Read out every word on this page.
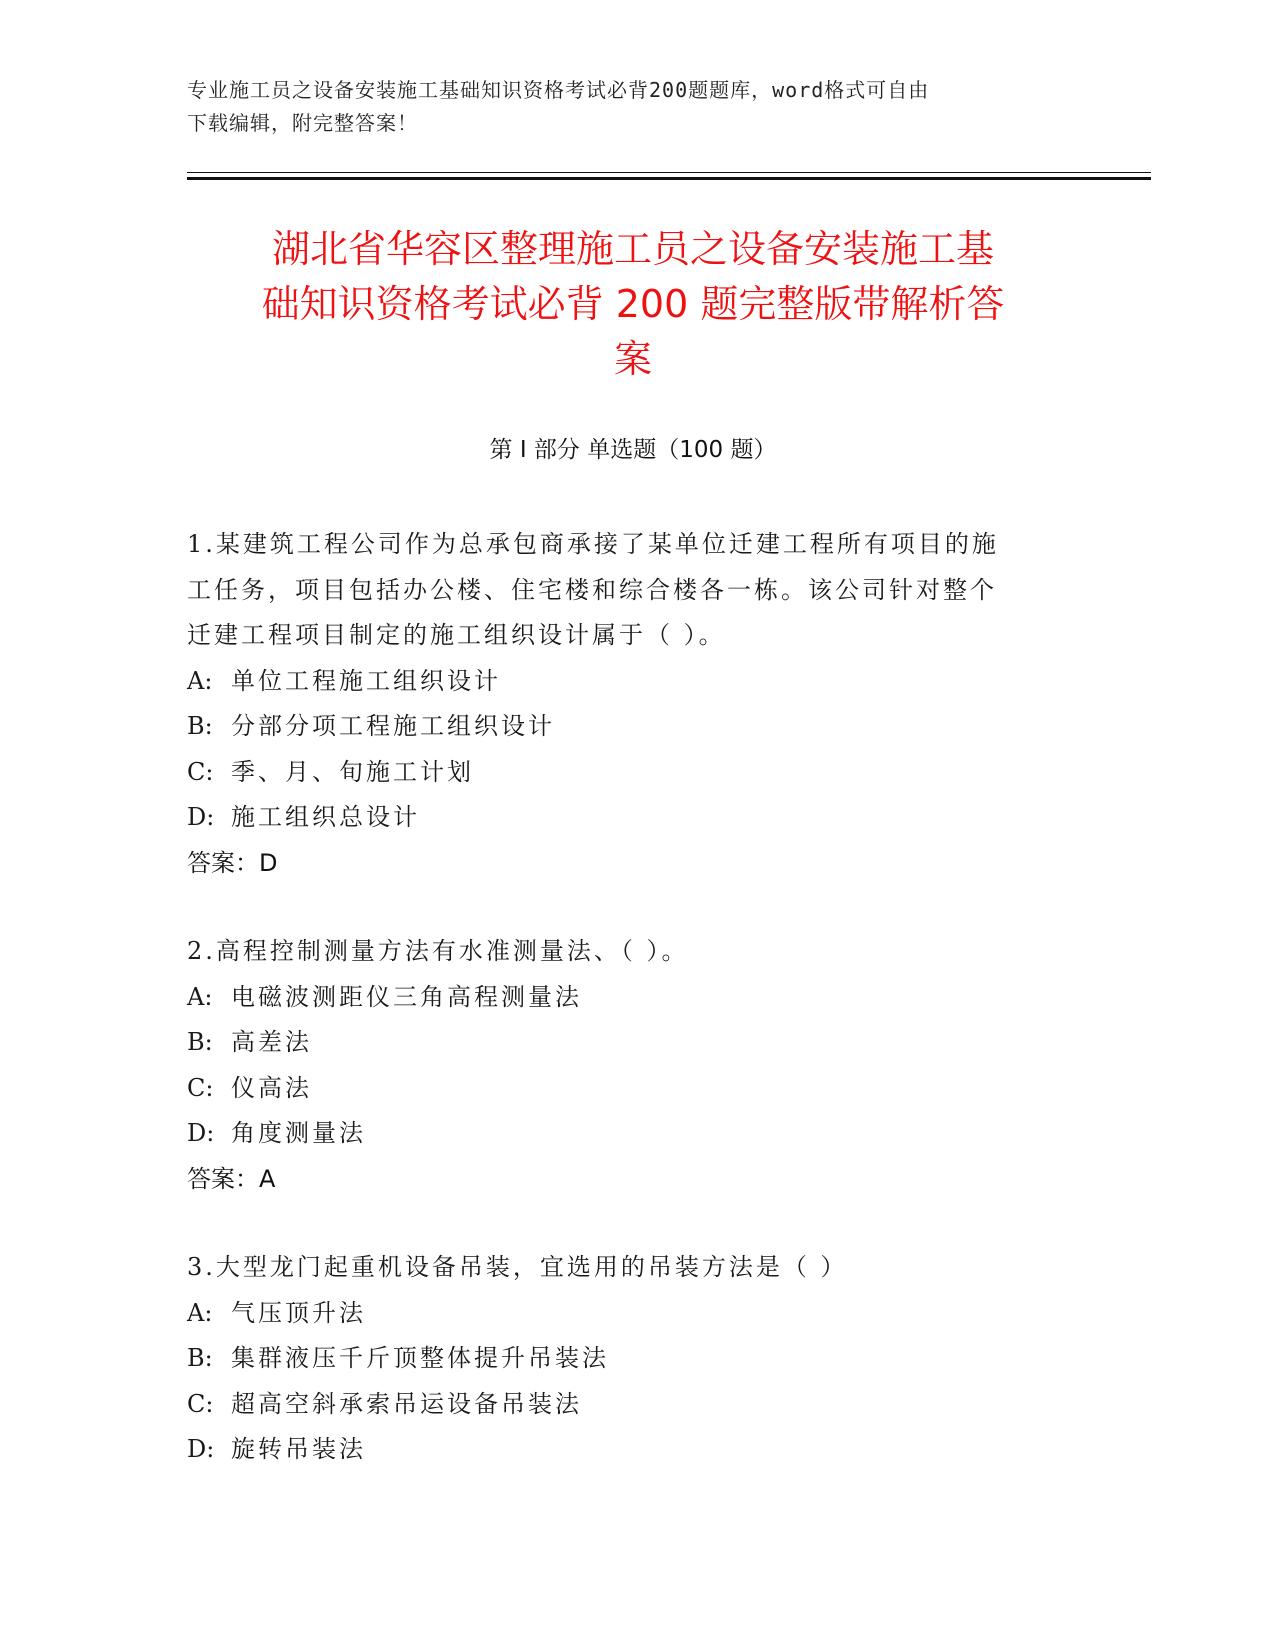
专业施工员之设备安装施工基础知识资格考试必背200题题库，word格式可自由
下载编辑，附完整答案！
湖北省华容区整理施工员之设备安装施工基
础知识资格考试必背 200 题完整版带解析答
案
第 I 部分 单选题（100 题）

1.某建筑工程公司作为总承包商承接了某单位迁建工程所有项目的施

工任务，项目包括办公楼、住宅楼和综合楼各一栋。该公司针对整个

迁建工程项目制定的施工组织设计属于（ ）。

A: 单位工程施工组织设计

B: 分部分项工程施工组织设计

C: 季、月、旬施工计划

D: 施工组织总设计

答案：D

2.高程控制测量方法有水准测量法、（ ）。

A: 电磁波测距仪三角高程测量法

B: 高差法

C: 仪高法

D: 角度测量法

答案：A

3.大型龙门起重机设备吊装，宜选用的吊装方法是（ ）

A: 气压顶升法

B: 集群液压千斤顶整体提升吊装法

C: 超高空斜承索吊运设备吊装法

D: 旋转吊装法
